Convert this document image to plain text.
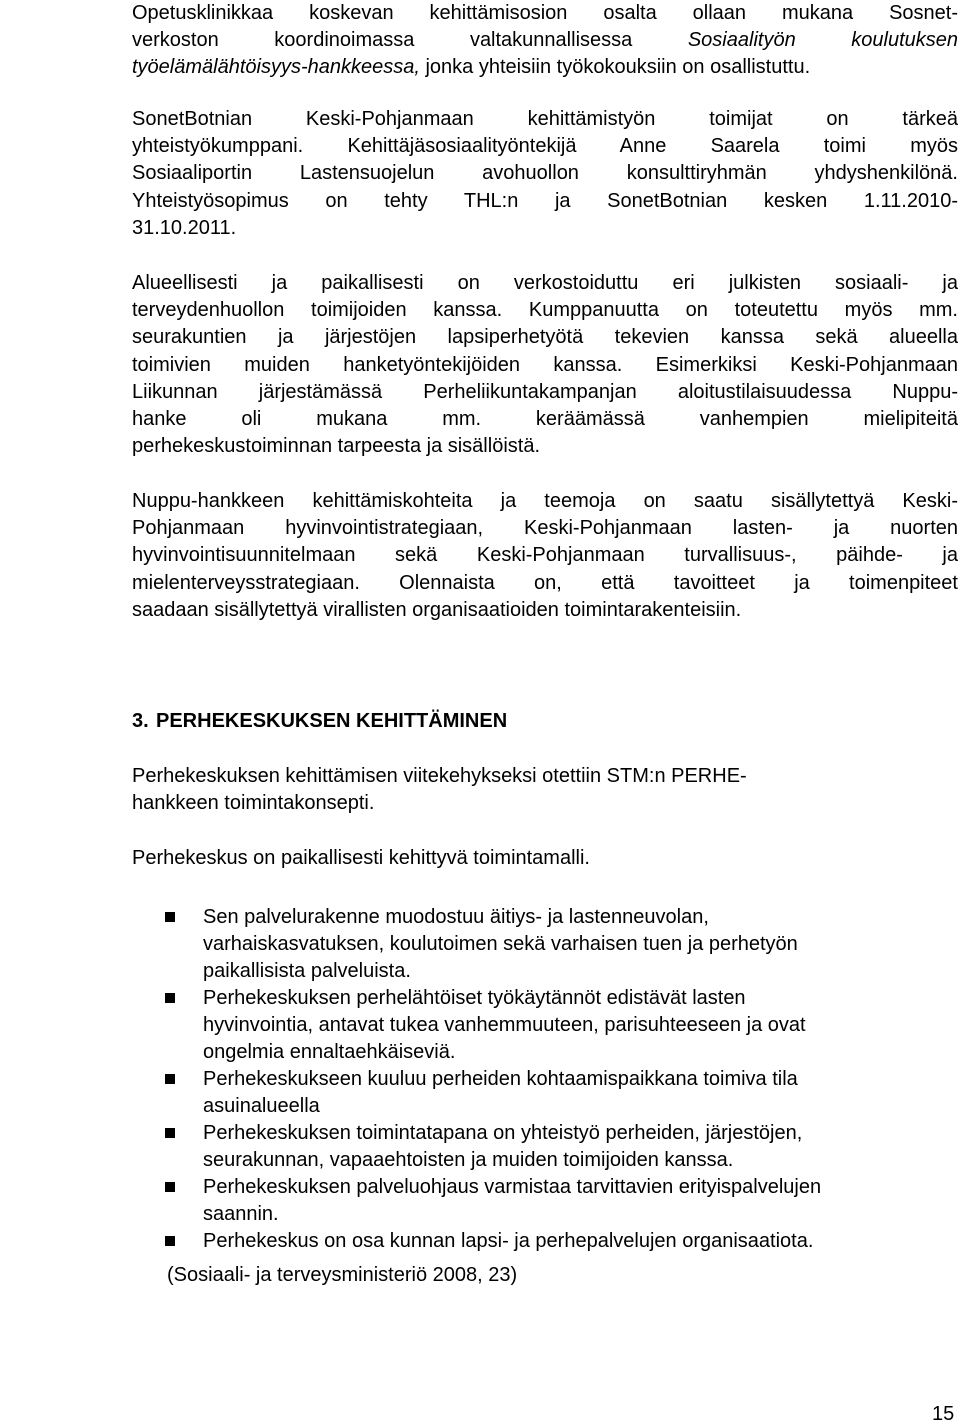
Opetusklinikkaa koskevan kehittämisosion osalta ollaan mukana Sosnet-
verkoston koordinoimassa valtakunnallisessa Sosiaalityön koulutuksen
työelämälähtöisyys-hankkeessa, jonka yhteisiin työkokouksiin on osallistuttu.
SonetBotnian Keski-Pohjanmaan kehittämistyön toimijat on tärkeä
yhteistyökumppani. Kehittäjäsosiaalityöntekijä Anne Saarela toimi myös
Sosiaaliportin Lastensuojelun avohuollon konsulttiryhmän yhdyshenkilönä.
Yhteistyösopimus on tehty THL:n ja SonetBotnian kesken 1.11.2010-
31.10.2011.
Alueellisesti ja paikallisesti on verkostoiduttu eri julkisten sosiaali- ja
terveydenhuollon toimijoiden kanssa. Kumppanuutta on toteutettu myös mm.
seurakuntien ja järjestöjen lapsiperhetyötä tekevien kanssa sekä alueella
toimivien muiden hanketyöntekijöiden kanssa. Esimerkiksi Keski-Pohjanmaan
Liikunnan järjestämässä Perheliikuntakampanjan aloitustilaisuudessa Nuppu-
hanke oli mukana mm. keräämässä vanhempien mielipiteitä
perhekeskustoiminnan tarpeesta ja sisällöistä.
Nuppu-hankkeen kehittämiskohteita ja teemoja on saatu sisällytettyä Keski-
Pohjanmaan hyvinvointistrategiaan, Keski-Pohjanmaan lasten- ja nuorten
hyvinvointisuunnitelmaan sekä Keski-Pohjanmaan turvallisuus-, päihde- ja
mielenterveysstrategiaan. Olennaista on, että tavoitteet ja toimenpiteet
saadaan sisällytettyä virallisten organisaatioiden toimintarakenteisiin.
3. PERHEKESKUKSEN KEHITTÄMINEN
Perhekeskuksen kehittämisen viitekehykseksi otettiin STM:n PERHE-
hankkeen toimintakonsepti.
Perhekeskus on paikallisesti kehittyvä toimintamalli.
Sen palvelurakenne muodostuu äitiys- ja lastenneuvolan,
varhaiskasvatuksen, koulutoimen sekä varhaisen tuen ja perhetyön
paikallisista palveluista.
Perhekeskuksen perhelähtöiset työkäytännöt edistävät lasten
hyvinvointia, antavat tukea vanhemmuuteen, parisuhteeseen ja ovat
ongelmia ennaltaehkäiseviä.
Perhekeskukseen kuuluu perheiden kohtaamispaikkana toimiva tila
asuinalueella
Perhekeskuksen toimintatapana on yhteistyö perheiden, järjestöjen,
seurakunnan, vapaaehtoisten ja muiden toimijoiden kanssa.
Perhekeskuksen palveluohjaus varmistaa tarvittavien erityispalvelujen
saannin.
Perhekeskus on osa kunnan lapsi- ja perhepalvelujen organisaatiota.
(Sosiaali- ja terveysministeriö 2008, 23)
15
